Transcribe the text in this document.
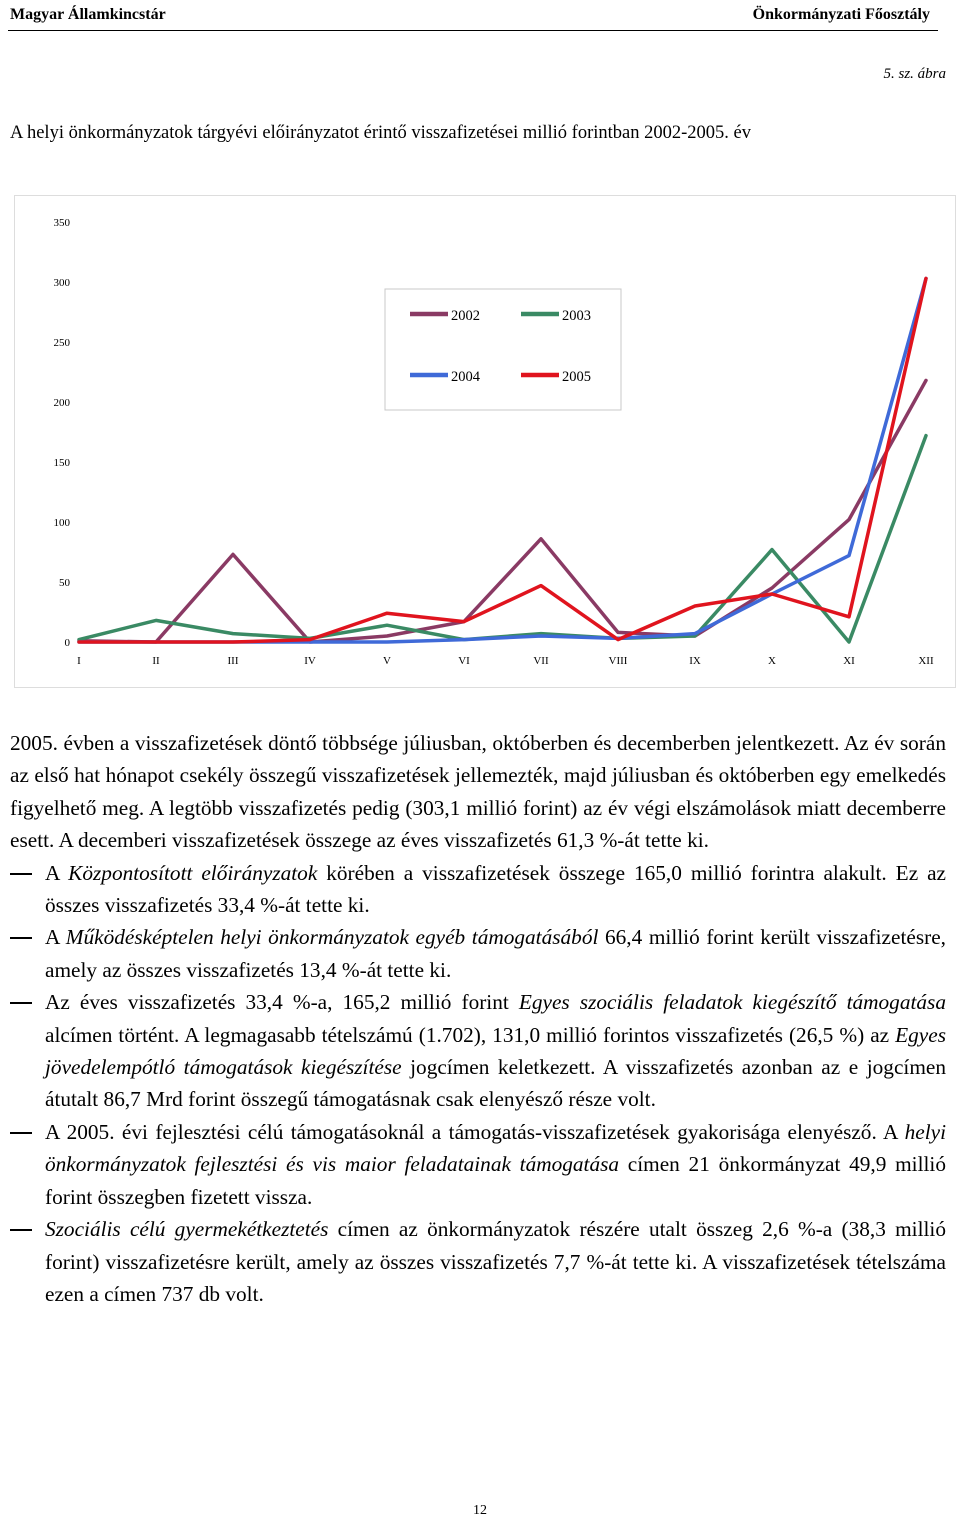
Magyar Államkincstár	Önkormányzati Főosztály
5. sz. ábra
A helyi önkormányzatok tárgyévi előirányzatot érintő visszafizetései millió forintban 2002-2005. év
0
50
100
150
200
250
300
350
I	II	III	IV	V	VI	VII	VIII	IX	X	XI	XII
2002	2003
2004	2005

2005. évben a visszafizetések döntő többsége júliusban, októberben és decemberben jelentkezett. Az év során az első hat hónapot csekély összegű visszafizetések jellemezték, majd júliusban és októberben egy emelkedés figyelhető meg. A legtöbb visszafizetés pedig (303,1 millió forint) az év végi elszámolások miatt decemberre esett. A decemberi visszafizetések összege az éves visszafizetés 61,3 %-át tette ki.

A Központosított előirányzatok körében a visszafizetések összege 165,0 millió forintra alakult. Ez az összes visszafizetés 33,4 %-át tette ki.
A Működésképtelen helyi önkormányzatok egyéb támogatásából 66,4 millió forint került visszafizetésre, amely az összes visszafizetés 13,4 %-át tette ki.
Az éves visszafizetés 33,4 %-a, 165,2 millió forint Egyes szociális feladatok kiegészítő támogatása alcímen történt. A legmagasabb tételszámú (1.702), 131,0 millió forintos visszafizetés (26,5 %) az Egyes jövedelempótló támogatások kiegészítése jogcímen keletkezett. A visszafizetés azonban az e jogcímen átutalt 86,7 Mrd forint összegű támogatásnak csak elenyésző része volt.
A 2005. évi fejlesztési célú támogatásoknál a támogatás-visszafizetések gyakorisága elenyésző. A helyi önkormányzatok fejlesztési és vis maior feladatainak támogatása címen 21 önkormányzat 49,9 millió forint összegben fizetett vissza.
Szociális célú gyermekétkeztetés címen az önkormányzatok részére utalt összeg 2,6 %-a (38,3 millió forint) visszafizetésre került, amely az összes visszafizetés 7,7 %-át tette ki. A visszafizetések tételszáma ezen a címen 737 db volt.
12
